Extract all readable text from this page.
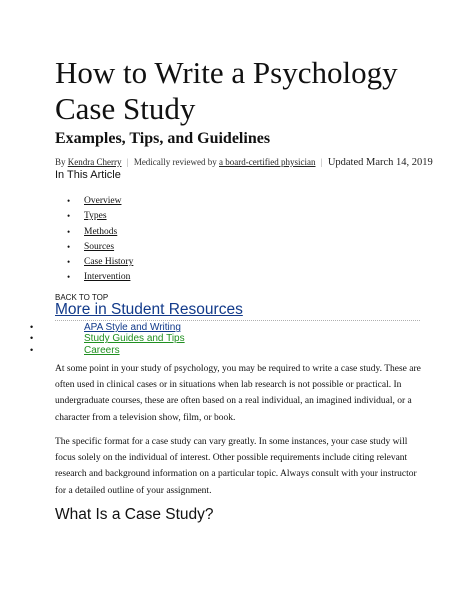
How to Write a Psychology Case Study
Examples, Tips, and Guidelines
By Kendra Cherry | Medically reviewed by a board-certified physician | Updated March 14, 2019
In This Article
• Overview
• Types
• Methods
• Sources
• Case History
• Intervention
BACK TO TOP
More in Student Resources
•	APA Style and Writing
•	Study Guides and Tips
•	Careers

At some point in your study of psychology, you may be required to write a case study. These are often used in clinical cases or in situations when lab research is not possible or practical. In undergraduate courses, these are often based on a real individual, an imagined individual, or a character from a television show, film, or book.

The specific format for a case study can vary greatly. In some instances, your case study will focus solely on the individual of interest. Other possible requirements include citing relevant research and background information on a particular topic. Always consult with your instructor for a detailed outline of your assignment.

What Is a Case Study?
